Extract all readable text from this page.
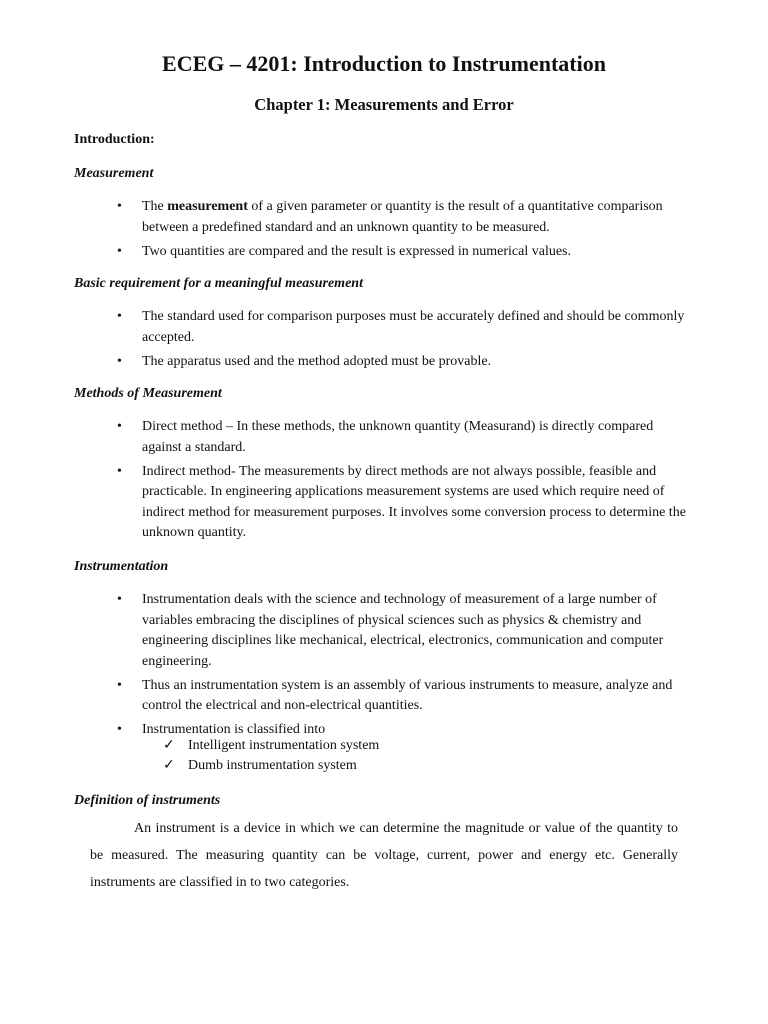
ECEG – 4201: Introduction to Instrumentation
Chapter 1: Measurements and Error
Introduction:
Measurement
• The measurement of a given parameter or quantity is the result of a quantitative comparison between a predefined standard and an unknown quantity to be measured.
• Two quantities are compared and the result is expressed in numerical values.
Basic requirement for a meaningful measurement
• The standard used for comparison purposes must be accurately defined and should be commonly accepted.
• The apparatus used and the method adopted must be provable.
Methods of Measurement
• Direct method – In these methods, the unknown quantity (Measurand) is directly compared against a standard.
• Indirect method- The measurements by direct methods are not always possible, feasible and practicable. In engineering applications measurement systems are used which require need of indirect method for measurement purposes. It involves some conversion process to determine the unknown quantity.
Instrumentation
• Instrumentation deals with the science and technology of measurement of a large number of variables embracing the disciplines of physical sciences such as physics & chemistry and engineering disciplines like mechanical, electrical, electronics, communication and computer engineering.
• Thus an instrumentation system is an assembly of various instruments to measure, analyze and control the electrical and non-electrical quantities.
• Instrumentation is classified into
✓ Intelligent instrumentation system
✓ Dumb instrumentation system
Definition of instruments
An instrument is a device in which we can determine the magnitude or value of the quantity to be measured. The measuring quantity can be voltage, current, power and energy etc. Generally instruments are classified in to two categories.
